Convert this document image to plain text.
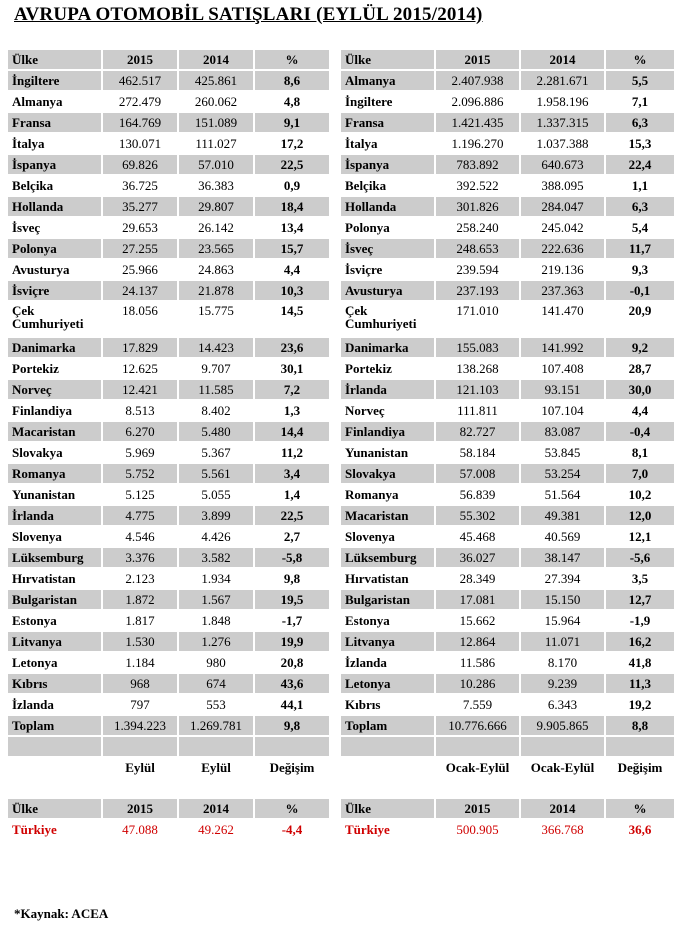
AVRUPA OTOMOBİL SATIŞLARI (EYLÜL 2015/2014)
Ülke	2015	2014	%		Ülke	2015	2014	%
İngiltere	462.517	425.861	8,6		Almanya	2.407.938	2.281.671	5,5
Almanya	272.479	260.062	4,8		İngiltere	2.096.886	1.958.196	7,1
Fransa	164.769	151.089	9,1		Fransa	1.421.435	1.337.315	6,3
İtalya	130.071	111.027	17,2		İtalya	1.196.270	1.037.388	15,3
İspanya	69.826	57.010	22,5		İspanya	783.892	640.673	22,4
Belçika	36.725	36.383	0,9		Belçika	392.522	388.095	1,1
Hollanda	35.277	29.807	18,4		Hollanda	301.826	284.047	6,3
İsveç	29.653	26.142	13,4		Polonya	258.240	245.042	5,4
Polonya	27.255	23.565	15,7		İsveç	248.653	222.636	11,7
Avusturya	25.966	24.863	4,4		İsviçre	239.594	219.136	9,3
İsviçre	24.137	21.878	10,3		Avusturya	237.193	237.363	-0,1
Çek Cumhuriyeti	18.056	15.775	14,5		Çek Cumhuriyeti	171.010	141.470	20,9
Danimarka	17.829	14.423	23,6		Danimarka	155.083	141.992	9,2
Portekiz	12.625	9.707	30,1		Portekiz	138.268	107.408	28,7
Norveç	12.421	11.585	7,2		İrlanda	121.103	93.151	30,0
Finlandiya	8.513	8.402	1,3		Norveç	111.811	107.104	4,4
Macaristan	6.270	5.480	14,4		Finlandiya	82.727	83.087	-0,4
Slovakya	5.969	5.367	11,2		Yunanistan	58.184	53.845	8,1
Romanya	5.752	5.561	3,4		Slovakya	57.008	53.254	7,0
Yunanistan	5.125	5.055	1,4		Romanya	56.839	51.564	10,2
İrlanda	4.775	3.899	22,5		Macaristan	55.302	49.381	12,0
Slovenya	4.546	4.426	2,7		Slovenya	45.468	40.569	12,1
Lüksemburg	3.376	3.582	-5,8		Lüksemburg	36.027	38.147	-5,6
Hırvatistan	2.123	1.934	9,8		Hırvatistan	28.349	27.394	3,5
Bulgaristan	1.872	1.567	19,5		Bulgaristan	17.081	15.150	12,7
Estonya	1.817	1.848	-1,7		Estonya	15.662	15.964	-1,9
Litvanya	1.530	1.276	19,9		Litvanya	12.864	11.071	16,2
Letonya	1.184	980	20,8		İzlanda	11.586	8.170	41,8
Kıbrıs	968	674	43,6		Letonya	10.286	9.239	11,3
İzlanda	797	553	44,1		Kıbrıs	7.559	6.343	19,2
Toplam	1.394.223	1.269.781	9,8		Toplam	10.776.666	9.905.865	8,8

	Eylül	Eylül	Değişim			Ocak-Eylül	Ocak-Eylül	Değişim
Ülke	2015	2014	%		Ülke	2015	2014	%
Türkiye	47.088	49.262	-4,4		Türkiye	500.905	366.768	36,6
*Kaynak: ACEA
